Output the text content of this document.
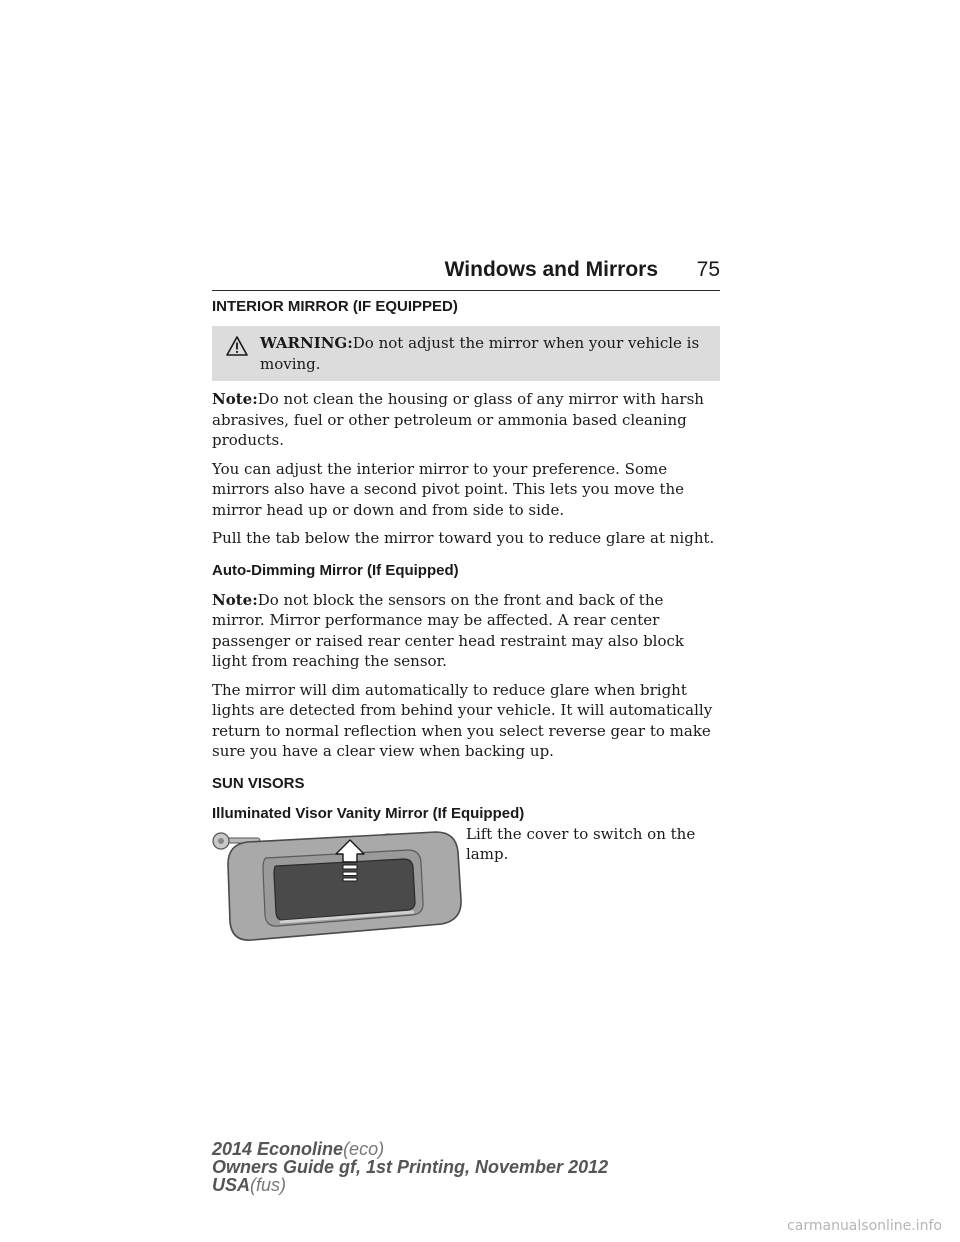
Windows and Mirrors 75
INTERIOR MIRROR (IF EQUIPPED)

WARNING:Do not adjust the mirror when your vehicle is moving.

Note:Do not clean the housing or glass of any mirror with harsh abrasives, fuel or other petroleum or ammonia based cleaning products.

You can adjust the interior mirror to your preference. Some mirrors also have a second pivot point. This lets you move the mirror head up or down and from side to side.

Pull the tab below the mirror toward you to reduce glare at night.

Auto-Dimming Mirror (If Equipped)

Note:Do not block the sensors on the front and back of the mirror. Mirror performance may be affected. A rear center passenger or raised rear center head restraint may also block light from reaching the sensor.

The mirror will dim automatically to reduce glare when bright lights are detected from behind your vehicle. It will automatically return to normal reflection when you select reverse gear to make sure you have a clear view when backing up.

SUN VISORS
Illuminated Visor Vanity Mirror (If Equipped)

Lift the cover to switch on the lamp.

2014 Econoline(eco)
Owners Guide gf, 1st Printing, November 2012
USA(fus)
carmanualsonline.info
